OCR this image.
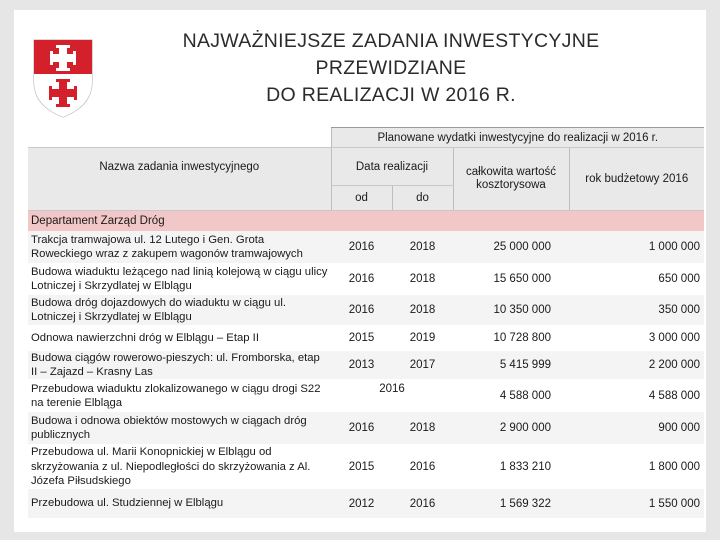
NAJWAŻNIEJSZE ZADANIA INWESTYCYJNE
PRZEWIDZIANE
DO REALIZACJI W 2016 R.
	Planowane wydatki inwestycyjne do realizacji w 2016 r.			
Nazwa zadania inwestycyjnego	Data realizacji		całkowita wartość kosztorysowa	rok budżetowy 2016
	od	do		
Departament Zarząd Dróg				
Trakcja tramwajowa ul. 12 Lutego i Gen. Grota Roweckiego wraz z zakupem wagonów tramwajowych	2016	2018	25 000 000	1 000 000
Budowa wiaduktu leżącego nad linią kolejową w ciągu ulicy Lotniczej i Skrzydlatej w Elblągu	2016	2018	15 650 000	650 000
Budowa dróg dojazdowych do wiaduktu w ciągu ul. Lotniczej i Skrzydlatej w Elblągu	2016	2018	10 350 000	350 000
Odnowa nawierzchni dróg w Elblągu – Etap II	2015	2019	10 728 800	3 000 000
Budowa ciągów rowerowo-pieszych: ul. Fromborska, etap II – Zajazd – Krasny Las	2013	2017	5 415 999	2 200 000
Przebudowa wiaduktu zlokalizowanego w ciągu drogi S22 na terenie Elbląga	2016		4 588 000	4 588 000
Budowa i odnowa obiektów mostowych w ciągach dróg publicznych	2016	2018	2 900 000	900 000
Przebudowa ul. Marii Konopnickiej w Elblągu od skrzyżowania z ul. Niepodległości do skrzyżowania z Al. Józefa Piłsudskiego	2015	2016	1 833 210	1 800 000
Przebudowa ul. Studziennej w Elblągu	2012	2016	1 569 322	1 550 000
